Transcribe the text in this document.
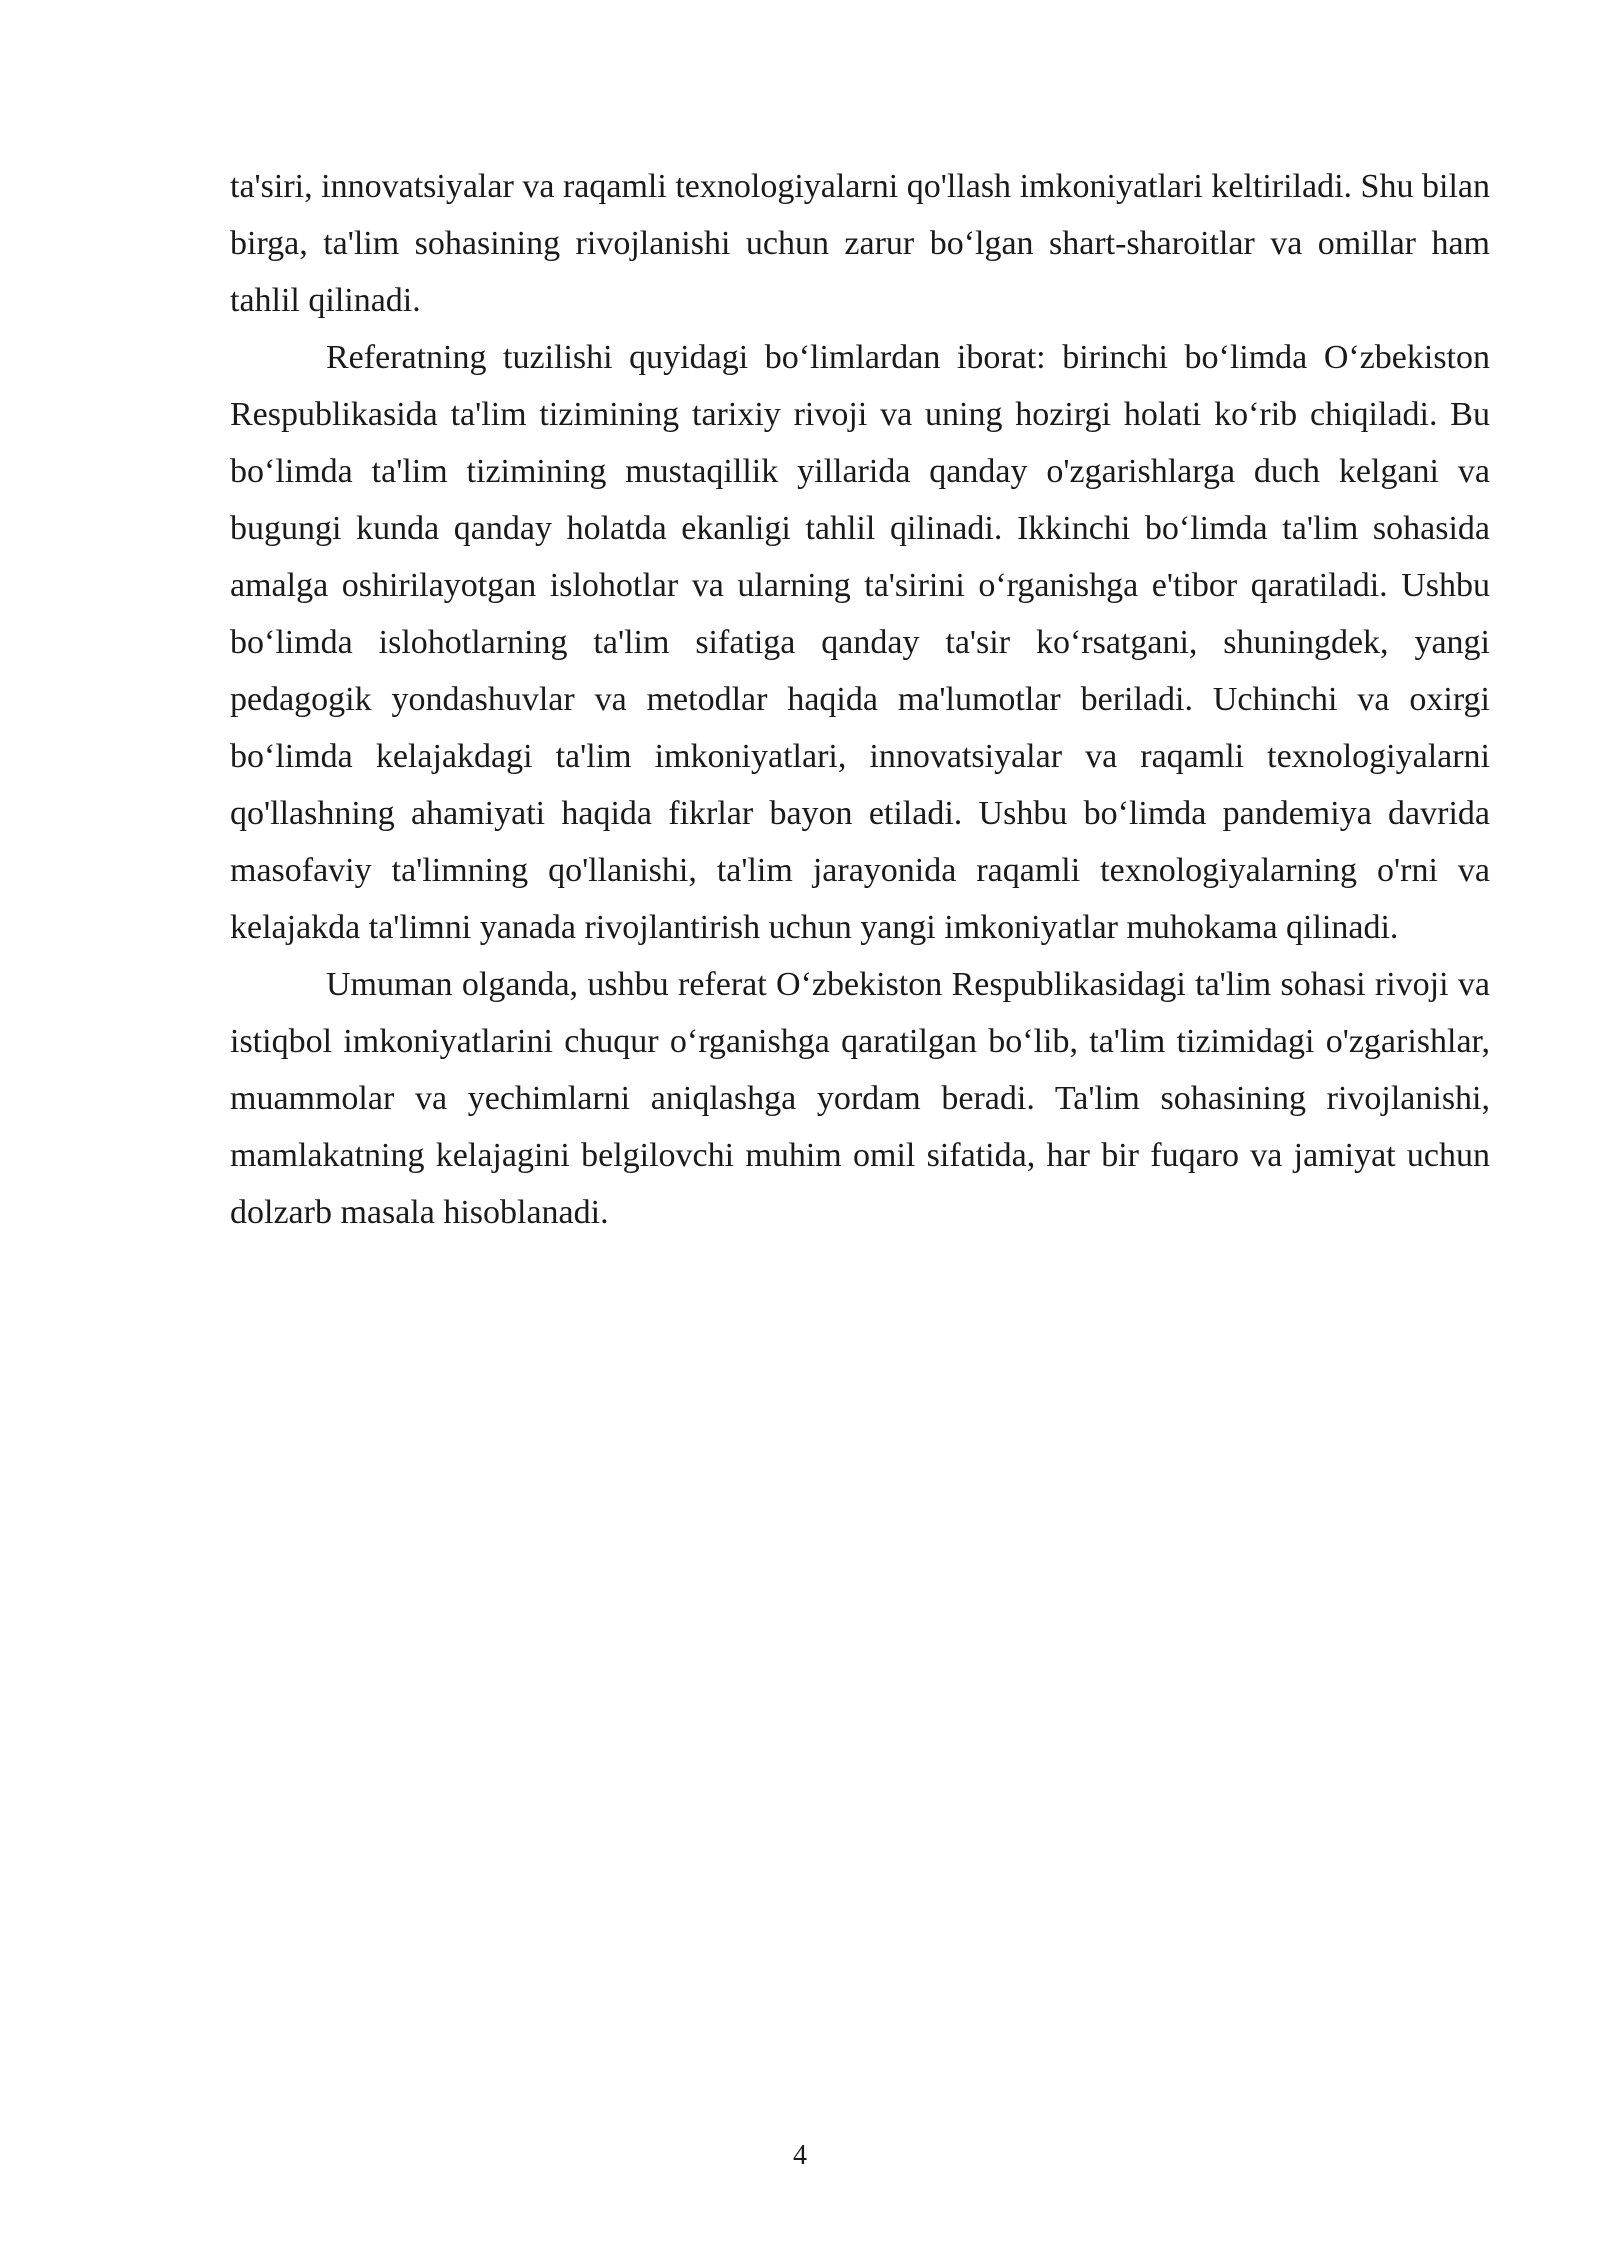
ta'siri, innovatsiyalar va raqamli texnologiyalarni qo'llash imkoniyatlari keltiriladi. Shu bilan birga, ta'lim sohasining rivojlanishi uchun zarur boʻlgan shart-sharoitlar va omillar ham tahlil qilinadi.

Referatning tuzilishi quyidagi boʻlimlardan iborat: birinchi boʻlimda Oʻzbekiston Respublikasida ta'lim tizimining tarixiy rivoji va uning hozirgi holati koʻrib chiqiladi. Bu boʻlimda ta'lim tizimining mustaqillik yillarida qanday o'zgarishlarga duch kelgani va bugungi kunda qanday holatda ekanligi tahlil qilinadi. Ikkinchi boʻlimda ta'lim sohasida amalga oshirilayotgan islohotlar va ularning ta'sirini oʻrganishga e'tibor qaratiladi. Ushbu boʻlimda islohotlarning ta'lim sifatiga qanday ta'sir koʻrsatgani, shuningdek, yangi pedagogik yondashuvlar va metodlar haqida ma'lumotlar beriladi. Uchinchi va oxirgi boʻlimda kelajakdagi ta'lim imkoniyatlari, innovatsiyalar va raqamli texnologiyalarni qo'llashning ahamiyati haqida fikrlar bayon etiladi. Ushbu boʻlimda pandemiya davrida masofaviy ta'limning qo'llanishi, ta'lim jarayonida raqamli texnologiyalarning o'rni va kelajakda ta'limni yanada rivojlantirish uchun yangi imkoniyatlar muhokama qilinadi.

Umuman olganda, ushbu referat Oʻzbekiston Respublikasidagi ta'lim sohasi rivoji va istiqbol imkoniyatlarini chuqur oʻrganishga qaratilgan boʻlib, ta'lim tizimidagi o'zgarishlar, muammolar va yechimlarni aniqlashga yordam beradi. Ta'lim sohasining rivojlanishi, mamlakatning kelajagini belgilovchi muhim omil sifatida, har bir fuqaro va jamiyat uchun dolzarb masala hisoblanadi.

4
